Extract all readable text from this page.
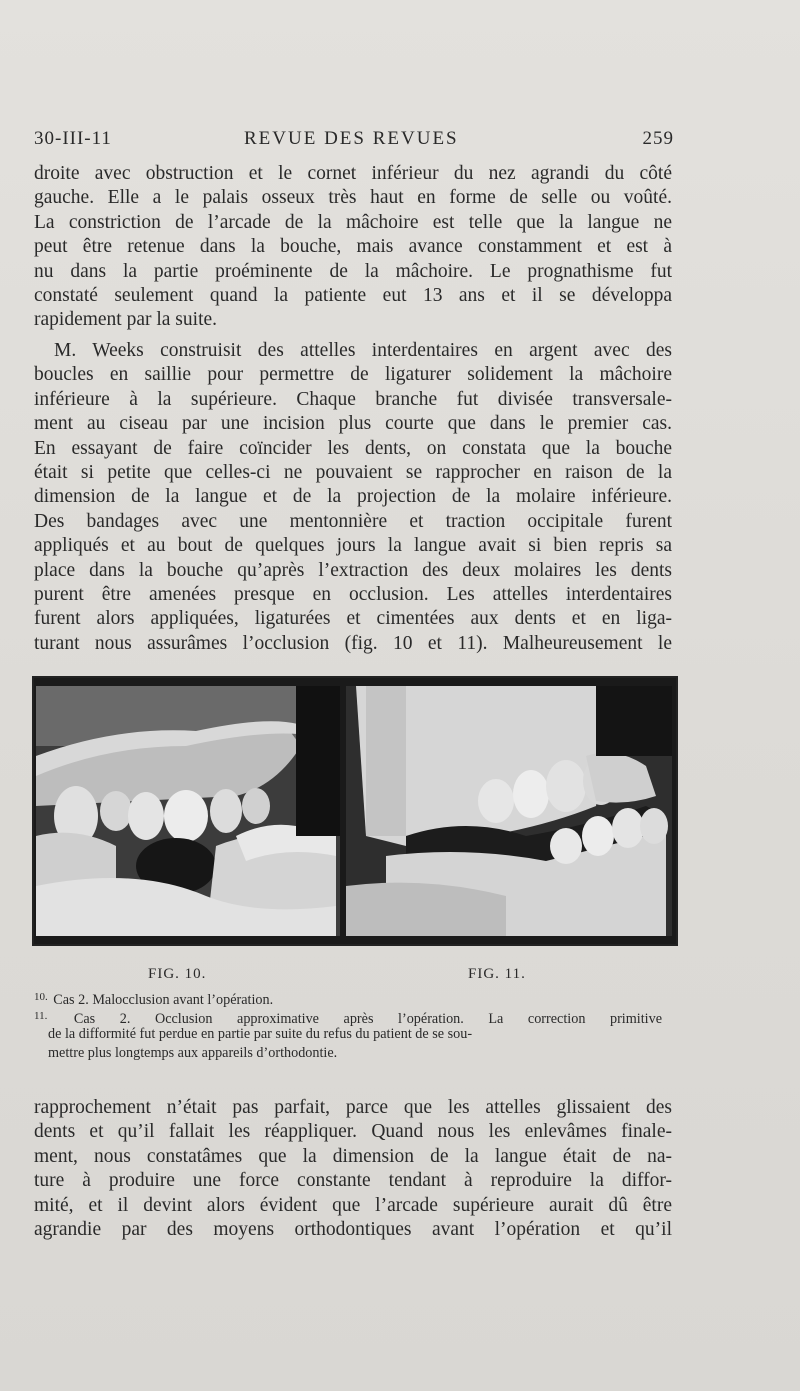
30-III-11	REVUE DES REVUES	259
droite avec obstruction et le cornet inférieur du nez agrandi du côté
gauche. Elle a le palais osseux très haut en forme de selle ou voûté.
La constriction de l’arcade de la mâchoire est telle que la langue ne
peut être retenue dans la bouche, mais avance constamment et est à
nu dans la partie proéminente de la mâchoire. Le prognathisme fut
constaté seulement quand la patiente eut 13 ans et il se développa
rapidement par la suite.
M. Weeks construisit des attelles interdentaires en argent avec des
boucles en saillie pour permettre de ligaturer solidement la mâchoire
inférieure à la supérieure. Chaque branche fut divisée transversale-
ment au ciseau par une incision plus courte que dans le premier cas.
En essayant de faire coïncider les dents, on constata que la bouche
était si petite que celles-ci ne pouvaient se rapprocher en raison de la
dimension de la langue et de la projection de la molaire inférieure.
Des bandages avec une mentonnière et traction occipitale furent
appliqués et au bout de quelques jours la langue avait si bien repris sa
place dans la bouche qu’après l’extraction des deux molaires les dents
purent être amenées presque en occlusion. Les attelles interdentaires
furent alors appliquées, ligaturées et cimentées aux dents et en liga-
turant nous assurâmes l’occlusion (fig. 10 et 11). Malheureusement le
FIG. 10.	FIG. 11.
$^{10.}$ Cas 2. Malocclusion avant l’opération.
$^{11.}$ Cas 2. Occlusion approximative après l’opération. La correction primitive
de la difformité fut perdue en partie par suite du refus du patient de se sou-
mettre plus longtemps aux appareils d’orthodontie.
rapprochement n’était pas parfait, parce que les attelles glissaient des
dents et qu’il fallait les réappliquer. Quand nous les enlevâmes finale-
ment, nous constatâmes que la dimension de la langue était de na-
ture à produire une force constante tendant à reproduire la diffor-
mité, et il devint alors évident que l’arcade supérieure aurait dû être
agrandie par des moyens orthodontiques avant l’opération et qu’il
